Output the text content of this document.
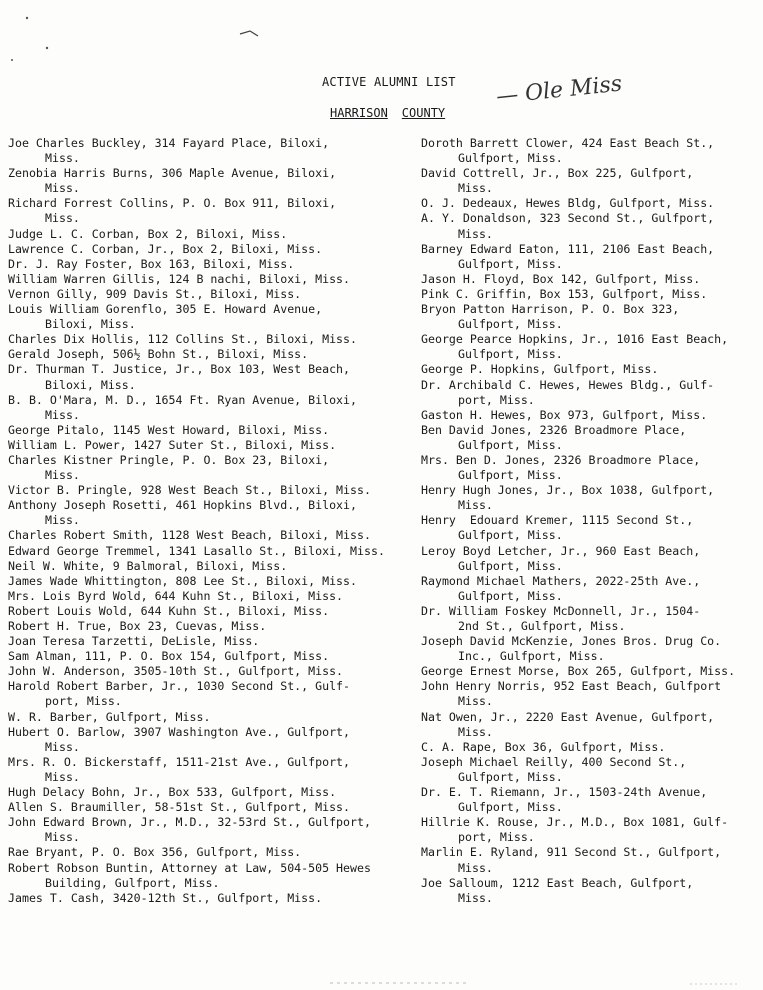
ACTIVE ALUMNI LIST
HARRISON COUNTY
— Ole Miss
Joe Charles Buckley, 314 Fayard Place, Biloxi,
Miss.
Zenobia Harris Burns, 306 Maple Avenue, Biloxi,
Miss.
Richard Forrest Collins, P. O. Box 911, Biloxi,
Miss.
Judge L. C. Corban, Box 2, Biloxi, Miss.
Lawrence C. Corban, Jr., Box 2, Biloxi, Miss.
Dr. J. Ray Foster, Box 163, Biloxi, Miss.
William Warren Gillis, 124 B nachi, Biloxi, Miss.
Vernon Gilly, 909 Davis St., Biloxi, Miss.
Louis William Gorenflo, 305 E. Howard Avenue,
Biloxi, Miss.
Charles Dix Hollis, 112 Collins St., Biloxi, Miss.
Gerald Joseph, 506½ Bohn St., Biloxi, Miss.
Dr. Thurman T. Justice, Jr., Box 103, West Beach,
Biloxi, Miss.
B. B. O'Mara, M. D., 1654 Ft. Ryan Avenue, Biloxi,
Miss.
George Pitalo, 1145 West Howard, Biloxi, Miss.
William L. Power, 1427 Suter St., Biloxi, Miss.
Charles Kistner Pringle, P. O. Box 23, Biloxi,
Miss.
Victor B. Pringle, 928 West Beach St., Biloxi, Miss.
Anthony Joseph Rosetti, 461 Hopkins Blvd., Biloxi,
Miss.
Charles Robert Smith, 1128 West Beach, Biloxi, Miss.
Edward George Tremmel, 1341 Lasallo St., Biloxi, Miss.
Neil W. White, 9 Balmoral, Biloxi, Miss.
James Wade Whittington, 808 Lee St., Biloxi, Miss.
Mrs. Lois Byrd Wold, 644 Kuhn St., Biloxi, Miss.
Robert Louis Wold, 644 Kuhn St., Biloxi, Miss.
Robert H. True, Box 23, Cuevas, Miss.
Joan Teresa Tarzetti, DeLisle, Miss.
Sam Alman, 111, P. O. Box 154, Gulfport, Miss.
John W. Anderson, 3505-10th St., Gulfport, Miss.
Harold Robert Barber, Jr., 1030 Second St., Gulf-
port, Miss.
W. R. Barber, Gulfport, Miss.
Hubert O. Barlow, 3907 Washington Ave., Gulfport,
Miss.
Mrs. R. O. Bickerstaff, 1511-21st Ave., Gulfport,
Miss.
Hugh Delacy Bohn, Jr., Box 533, Gulfport, Miss.
Allen S. Braumiller, 58-51st St., Gulfport, Miss.
John Edward Brown, Jr., M.D., 32-53rd St., Gulfport,
Miss.
Rae Bryant, P. O. Box 356, Gulfport, Miss.
Robert Robson Buntin, Attorney at Law, 504-505 Hewes
Building, Gulfport, Miss.
James T. Cash, 3420-12th St., Gulfport, Miss.
Doroth Barrett Clower, 424 East Beach St.,
Gulfport, Miss.
David Cottrell, Jr., Box 225, Gulfport,
Miss.
O. J. Dedeaux, Hewes Bldg, Gulfport, Miss.
A. Y. Donaldson, 323 Second St., Gulfport,
Miss.
Barney Edward Eaton, 111, 2106 East Beach,
Gulfport, Miss.
Jason H. Floyd, Box 142, Gulfport, Miss.
Pink C. Griffin, Box 153, Gulfport, Miss.
Bryon Patton Harrison, P. O. Box 323,
Gulfport, Miss.
George Pearce Hopkins, Jr., 1016 East Beach,
Gulfport, Miss.
George P. Hopkins, Gulfport, Miss.
Dr. Archibald C. Hewes, Hewes Bldg., Gulf-
port, Miss.
Gaston H. Hewes, Box 973, Gulfport, Miss.
Ben David Jones, 2326 Broadmore Place,
Gulfport, Miss.
Mrs. Ben D. Jones, 2326 Broadmore Place,
Gulfport, Miss.
Henry Hugh Jones, Jr., Box 1038, Gulfport,
Miss.
Henry  Edouard Kremer, 1115 Second St.,
Gulfport, Miss.
Leroy Boyd Letcher, Jr., 960 East Beach,
Gulfport, Miss.
Raymond Michael Mathers, 2022-25th Ave.,
Gulfport, Miss.
Dr. William Foskey McDonnell, Jr., 1504-
2nd St., Gulfport, Miss.
Joseph David McKenzie, Jones Bros. Drug Co.
Inc., Gulfport, Miss.
George Ernest Morse, Box 265, Gulfport, Miss.
John Henry Norris, 952 East Beach, Gulfport
Miss.
Nat Owen, Jr., 2220 East Avenue, Gulfport,
Miss.
C. A. Rape, Box 36, Gulfport, Miss.
Joseph Michael Reilly, 400 Second St.,
Gulfport, Miss.
Dr. E. T. Riemann, Jr., 1503-24th Avenue,
Gulfport, Miss.
Hillrie K. Rouse, Jr., M.D., Box 1081, Gulf-
port, Miss.
Marlin E. Ryland, 911 Second St., Gulfport,
Miss.
Joe Salloum, 1212 East Beach, Gulfport,
Miss.
